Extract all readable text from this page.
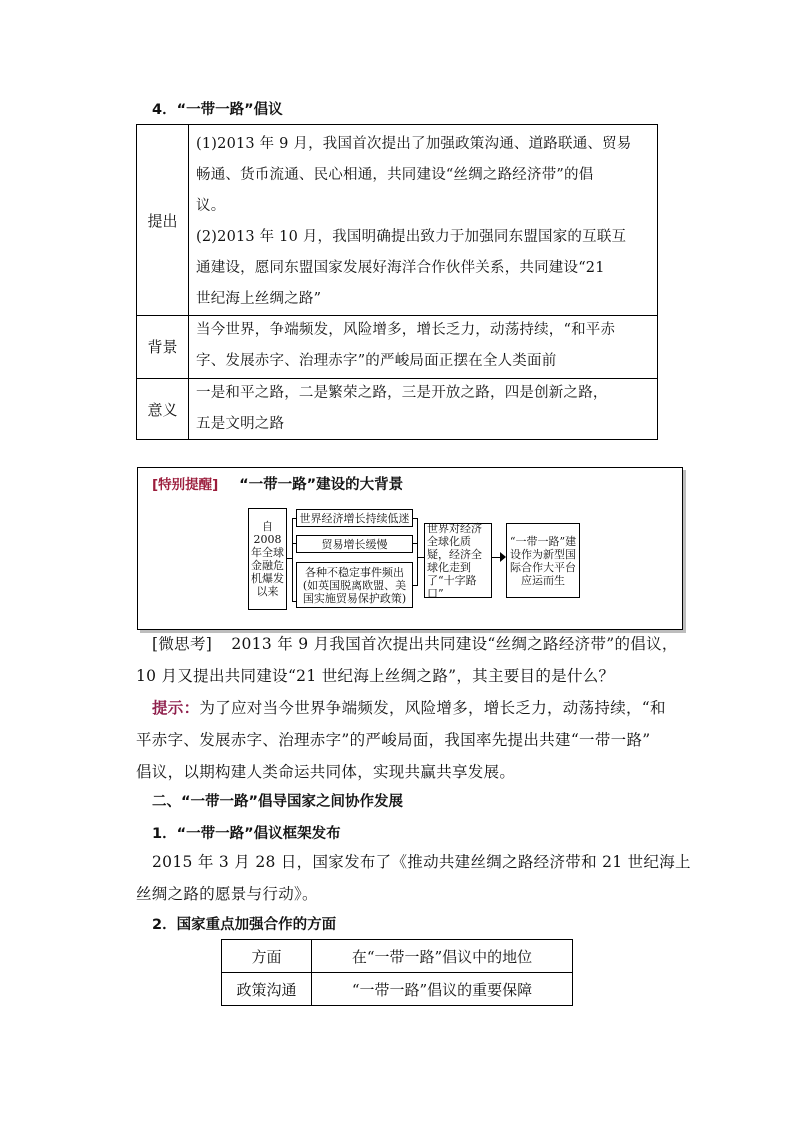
4．“一带一路”倡议
提出
(1)2013 年 9 月，我国首次提出了加强政策沟通、道路联通、贸易
畅通、货币流通、民心相通，共同建设“丝绸之路经济带”的倡
议。
(2)2013 年 10 月，我国明确提出致力于加强同东盟国家的互联互
通建设，愿同东盟国家发展好海洋合作伙伴关系，共同建设“21
世纪海上丝绸之路”
背景
当今世界，争端频发，风险增多，增长乏力，动荡持续，“和平赤
字、发展赤字、治理赤字”的严峻局面正摆在全人类面前
意义
一是和平之路，二是繁荣之路，三是开放之路，四是创新之路，
五是文明之路
[特别提醒] “一带一路”建设的大背景
自2008年全球金融危机爆发以来
世界经济增长持续低迷
贸易增长缓慢
各种不稳定事件频出(如英国脱离欧盟、美国实施贸易保护政策)
世界对经济全球化质疑，经济全球化走到了“十字路口”
“一带一路”建设作为新型国际合作大平台应运而生
[微思考] 2013 年 9 月我国首次提出共同建设“丝绸之路经济带”的倡议，
10 月又提出共同建设“21 世纪海上丝绸之路”，其主要目的是什么？
提示：为了应对当今世界争端频发，风险增多，增长乏力，动荡持续，“和
平赤字、发展赤字、治理赤字”的严峻局面，我国率先提出共建“一带一路”
倡议，以期构建人类命运共同体，实现共赢共享发展。
二、“一带一路”倡导国家之间协作发展
1．“一带一路”倡议框架发布
2015 年 3 月 28 日，国家发布了《推动共建丝绸之路经济带和 21 世纪海上
丝绸之路的愿景与行动》。
2．国家重点加强合作的方面
方面	在“一带一路”倡议中的地位
政策沟通	“一带一路”倡议的重要保障
